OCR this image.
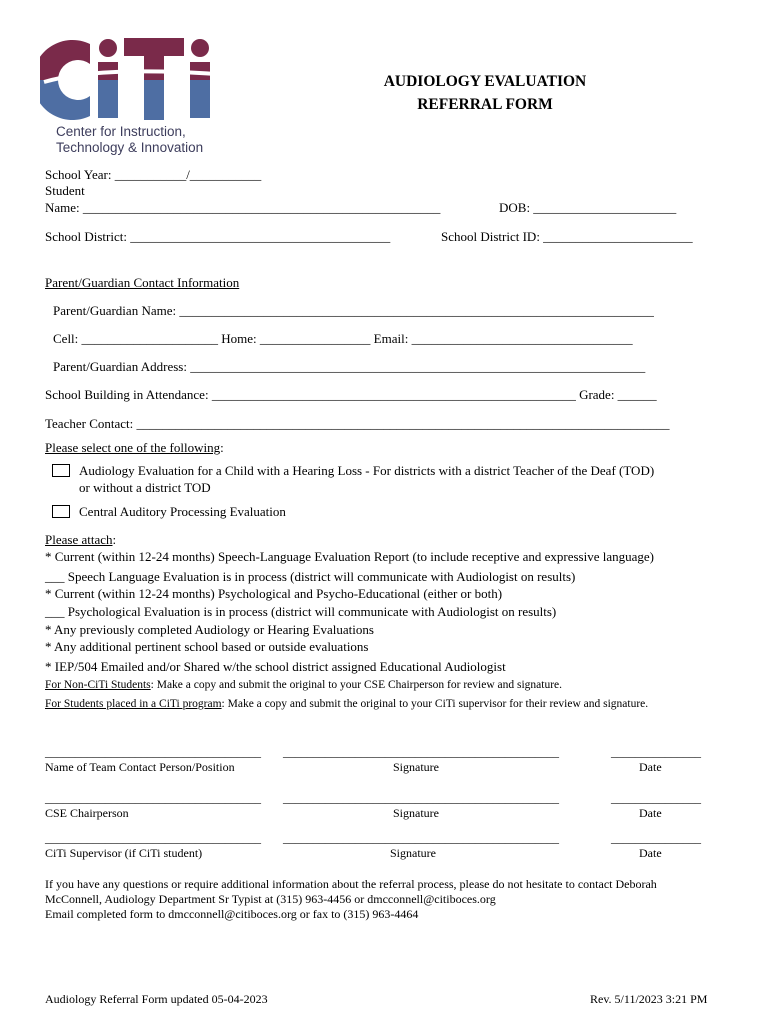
Center for Instruction,
Technology & Innovation
AUDIOLOGY EVALUATION
REFERRAL FORM
School Year: ___________/___________
Student
Name: _______________________________________________________	DOB: ______________________
School District: ________________________________________	School District ID: _______________________
Parent/Guardian Contact Information
Parent/Guardian Name: _________________________________________________________________________
Cell: _____________________ Home: _________________ Email: __________________________________
Parent/Guardian Address: ______________________________________________________________________
School Building in Attendance: ________________________________________________________ Grade: ______
Teacher Contact: __________________________________________________________________________________
Please select one of the following:
Audiology Evaluation for a Child with a Hearing Loss - For districts with a district Teacher of the Deaf (TOD)
or without a district TOD
Central Auditory Processing Evaluation
Please attach:
* Current (within 12-24 months) Speech-Language Evaluation Report (to include receptive and expressive language)
___ Speech Language Evaluation is in process (district will communicate with Audiologist on results)
* Current (within 12-24 months) Psychological and Psycho-Educational (either or both)
___ Psychological Evaluation is in process (district will communicate with Audiologist on results)
* Any previously completed Audiology or Hearing Evaluations
* Any additional pertinent school based or outside evaluations
* IEP/504 Emailed and/or Shared w/the school district assigned Educational Audiologist
For Non-CiTi Students: Make a copy and submit the original to your CSE Chairperson for review and signature.
For Students placed in a CiTi program: Make a copy and submit the original to your CiTi supervisor for their review and signature.
____________________________________ ______________________________________________	_______________
Name of Team Contact Person/Position	Signature	Date
____________________________________ ______________________________________________	_______________
CSE Chairperson	Signature	Date
____________________________________ ______________________________________________	_______________
CiTi Supervisor (if CiTi student)	Signature	Date
If you have any questions or require additional information about the referral process, please do not hesitate to contact Deborah
McConnell, Audiology Department Sr Typist at (315) 963-4456 or dmcconnell@citiboces.org
Email completed form to dmcconnell@citiboces.org or fax to (315) 963-4464
Audiology Referral Form updated 05-04-2023	Rev. 5/11/2023 3:21 PM
